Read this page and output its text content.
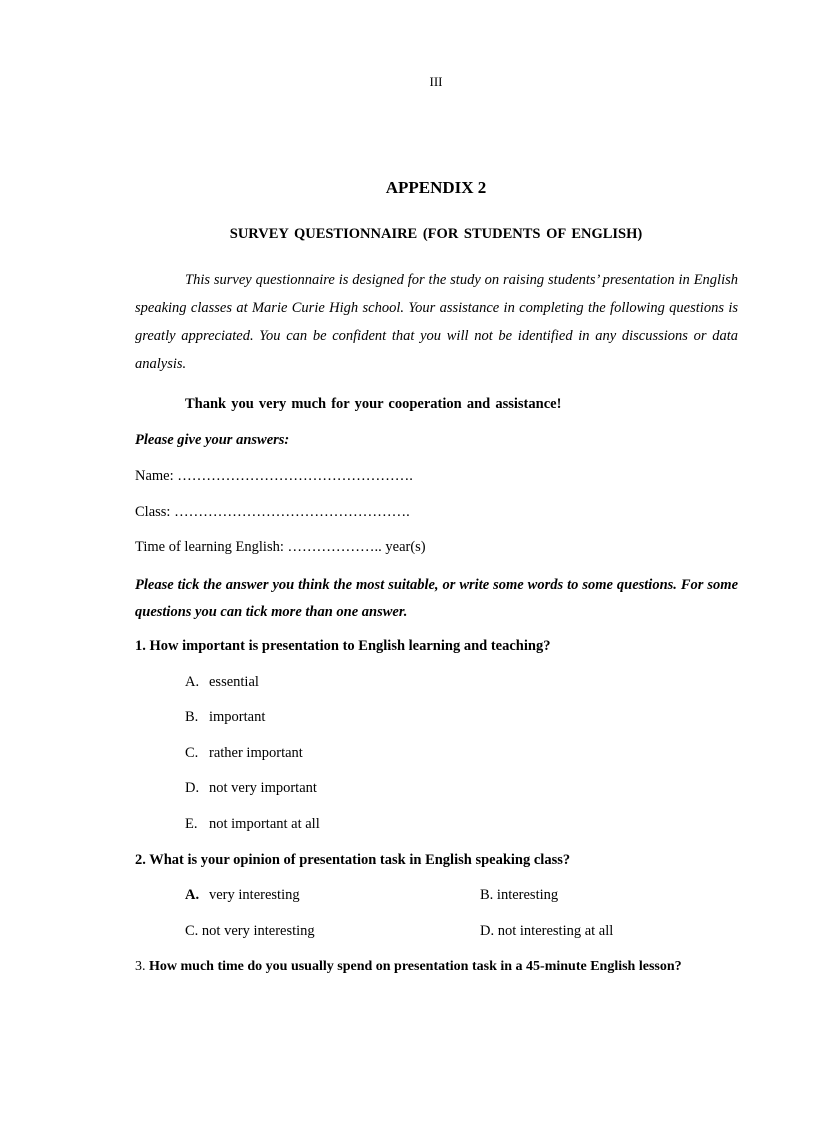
III
APPENDIX 2
SURVEY QUESTIONNAIRE (FOR STUDENTS OF ENGLISH)
This survey questionnaire is designed for the study on raising students’ presentation in English speaking classes at Marie Curie High school. Your assistance in completing the following questions is greatly appreciated. You can be confident that you will not be identified in any discussions or data analysis.
Thank you very much for your cooperation and assistance!
Please give your answers:
Name: ………………………………………….
Class: ………………………………………….
Time of learning English: ……………….. year(s)
Please tick the answer you think the most suitable, or write some words to some questions. For some questions you can tick more than one answer.
1. How important is presentation to English learning and teaching?
A. essential
B. important
C. rather important
D. not very important
E. not important at all
2. What is your opinion of presentation task in English speaking class?
A. very interesting	B. interesting
C. not very interesting	D. not interesting at all
3. How much time do you usually spend on presentation task in a 45-minute English lesson?
